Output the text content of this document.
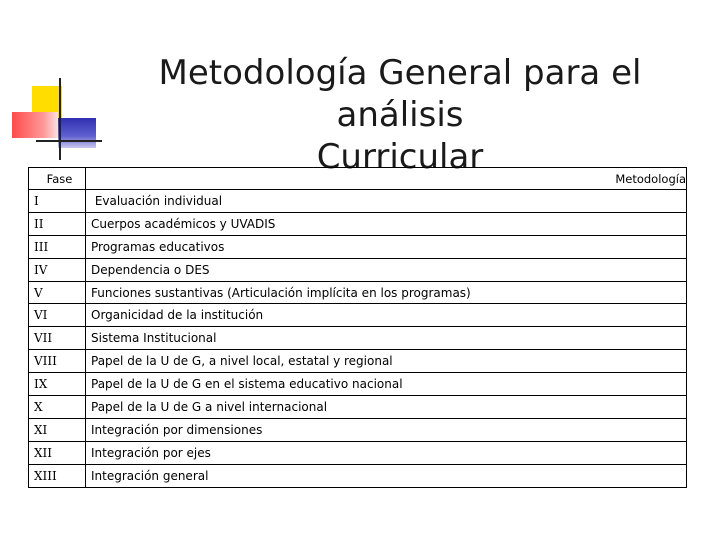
Metodología General para el análisis
Curricular
Fase	Metodología
I	Evaluación individual
II	Cuerpos académicos y UVADIS
III	Programas educativos
IV	Dependencia o DES
V	Funciones sustantivas (Articulación implícita en los programas)
VI	Organicidad de la institución
VII	Sistema Institucional
VIII	Papel de la U de G, a nivel local, estatal y regional
IX	Papel de la U de G en el sistema educativo nacional
X	Papel de la U de G a nivel internacional
XI	Integración por dimensiones
XII	Integración por ejes
XIII	Integración general
